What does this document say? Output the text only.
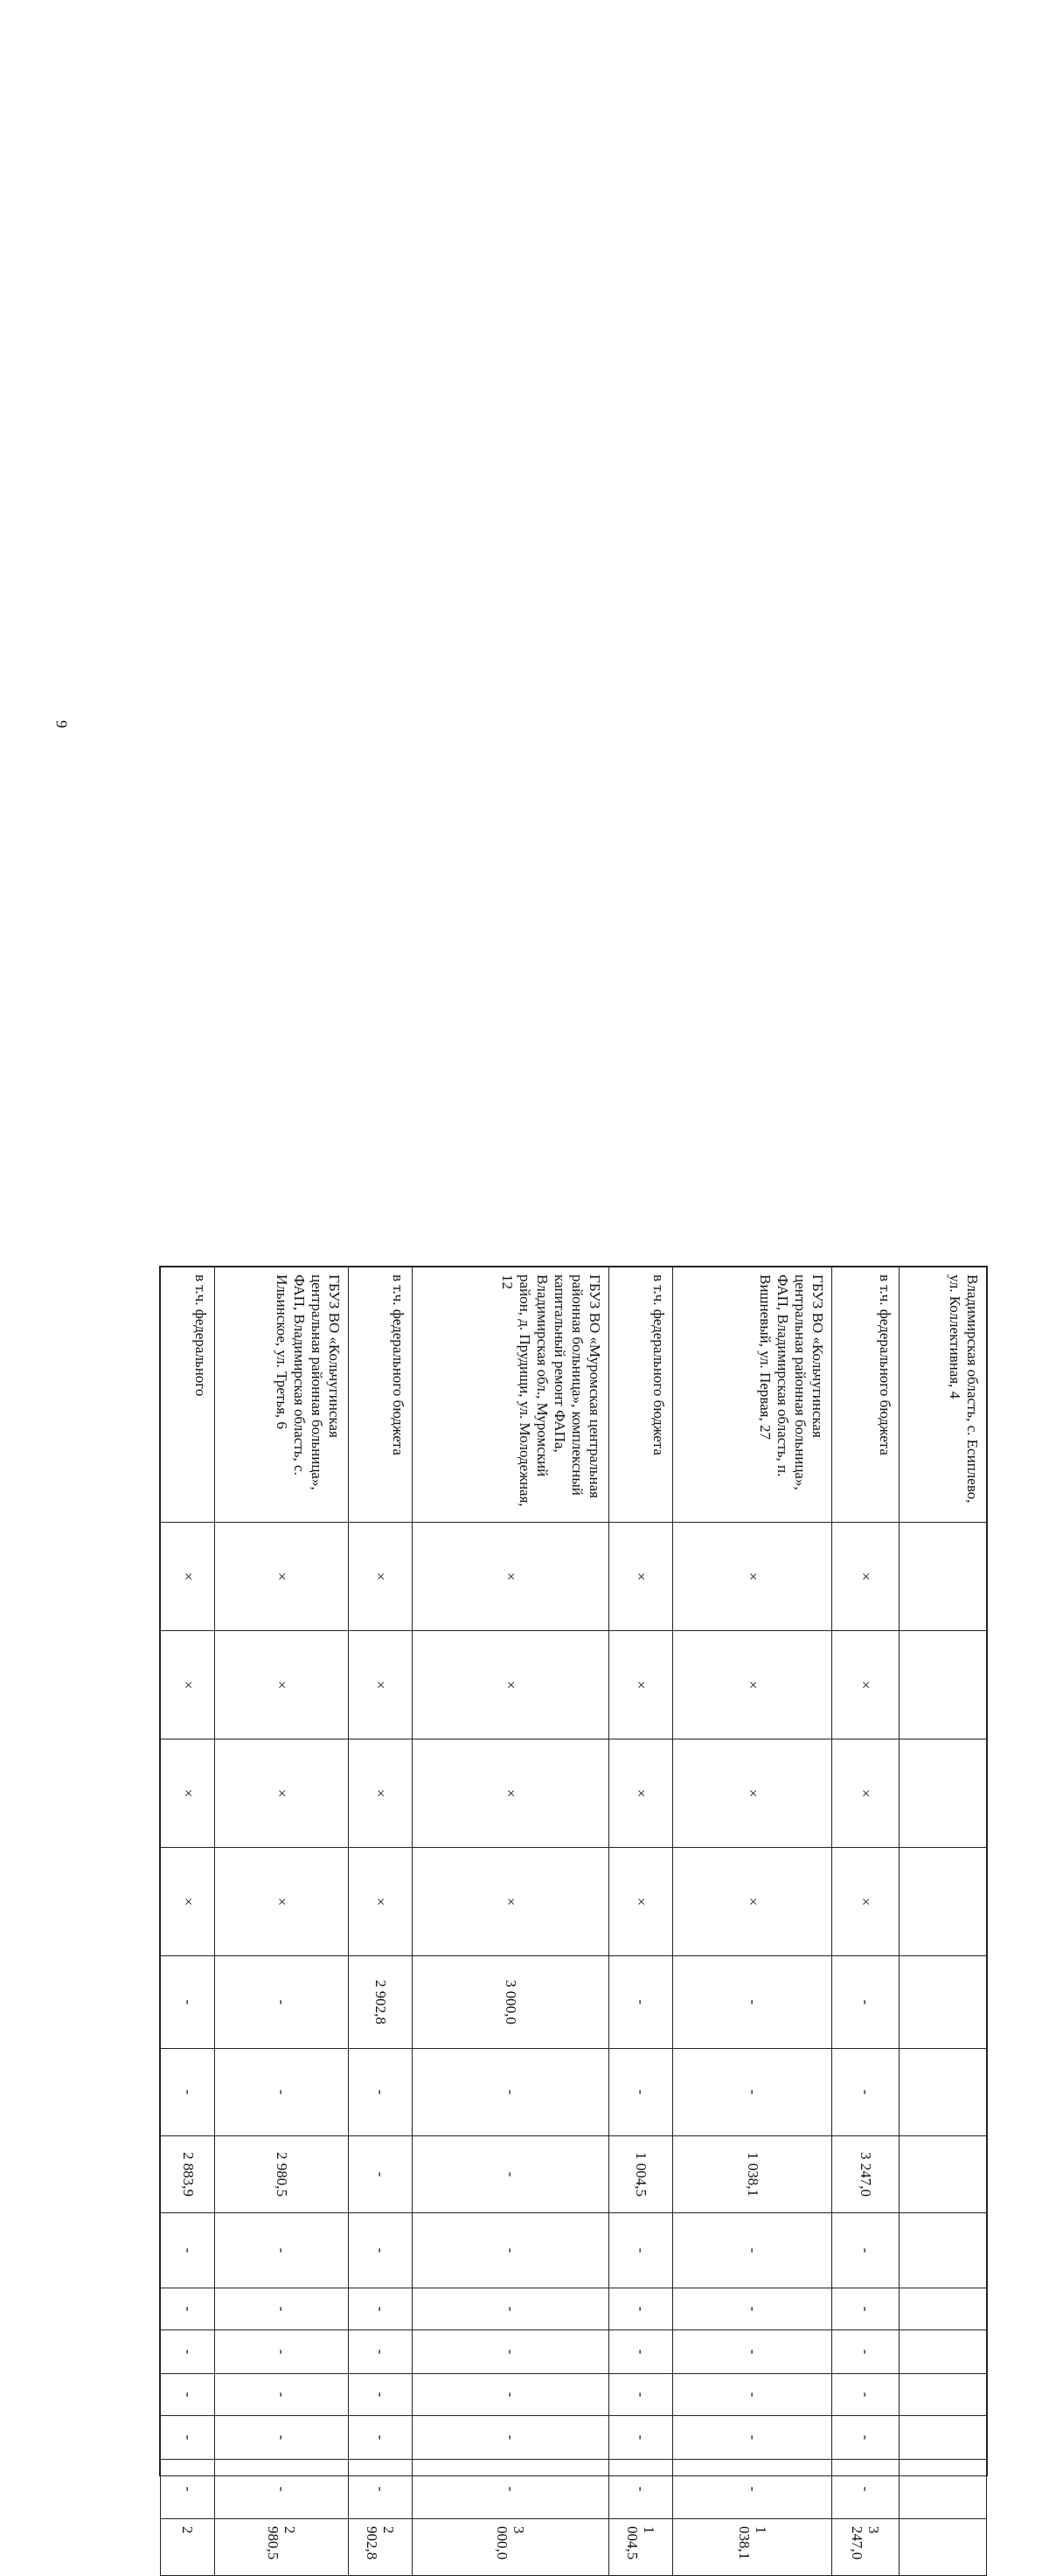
9
Владимирская область, с. Есиплево, ул. Коллективная, 4														
в т.ч. федерального бюджета	×	×	×	×	-	-	3 247,0	-	-	-	-	-	-	3 247,0
ГБУЗ ВО «Кольчугинская центральная районная больница», ФАП, Владимирская область, п. Вишневый, ул. Первая, 27	×	×	×	×	-	-	1 038,1	-	-	-	-	-	-	1 038,1
в т.ч. федерального бюджета	×	×	×	×	-	-	1 004,5	-	-	-	-	-	-	1 004,5
ГБУЗ ВО «Муромская центральная районная больница», комплексный капитальный ремонт ФАПа, Владимирская обл., Муромский район, д. Прудищи, ул. Молодежная, 12	×	×	×	×	3 000,0	-	-	-	-	-	-	-	-	3 000,0
в т.ч. федерального бюджета	×	×	×	×	2 902,8	-	-	-	-	-	-	-	-	2 902,8
ГБУЗ ВО «Кольчугинская центральная районная больница», ФАП, Владимирская область, с. Ильинское, ул. Третья, 6	×	×	×	×	-	-	2 980,5	-	-	-	-	-	-	2 980,5
в т.ч. федерального	×	×	×	×	-	-	2 883,9	-	-	-	-	-	-	2
